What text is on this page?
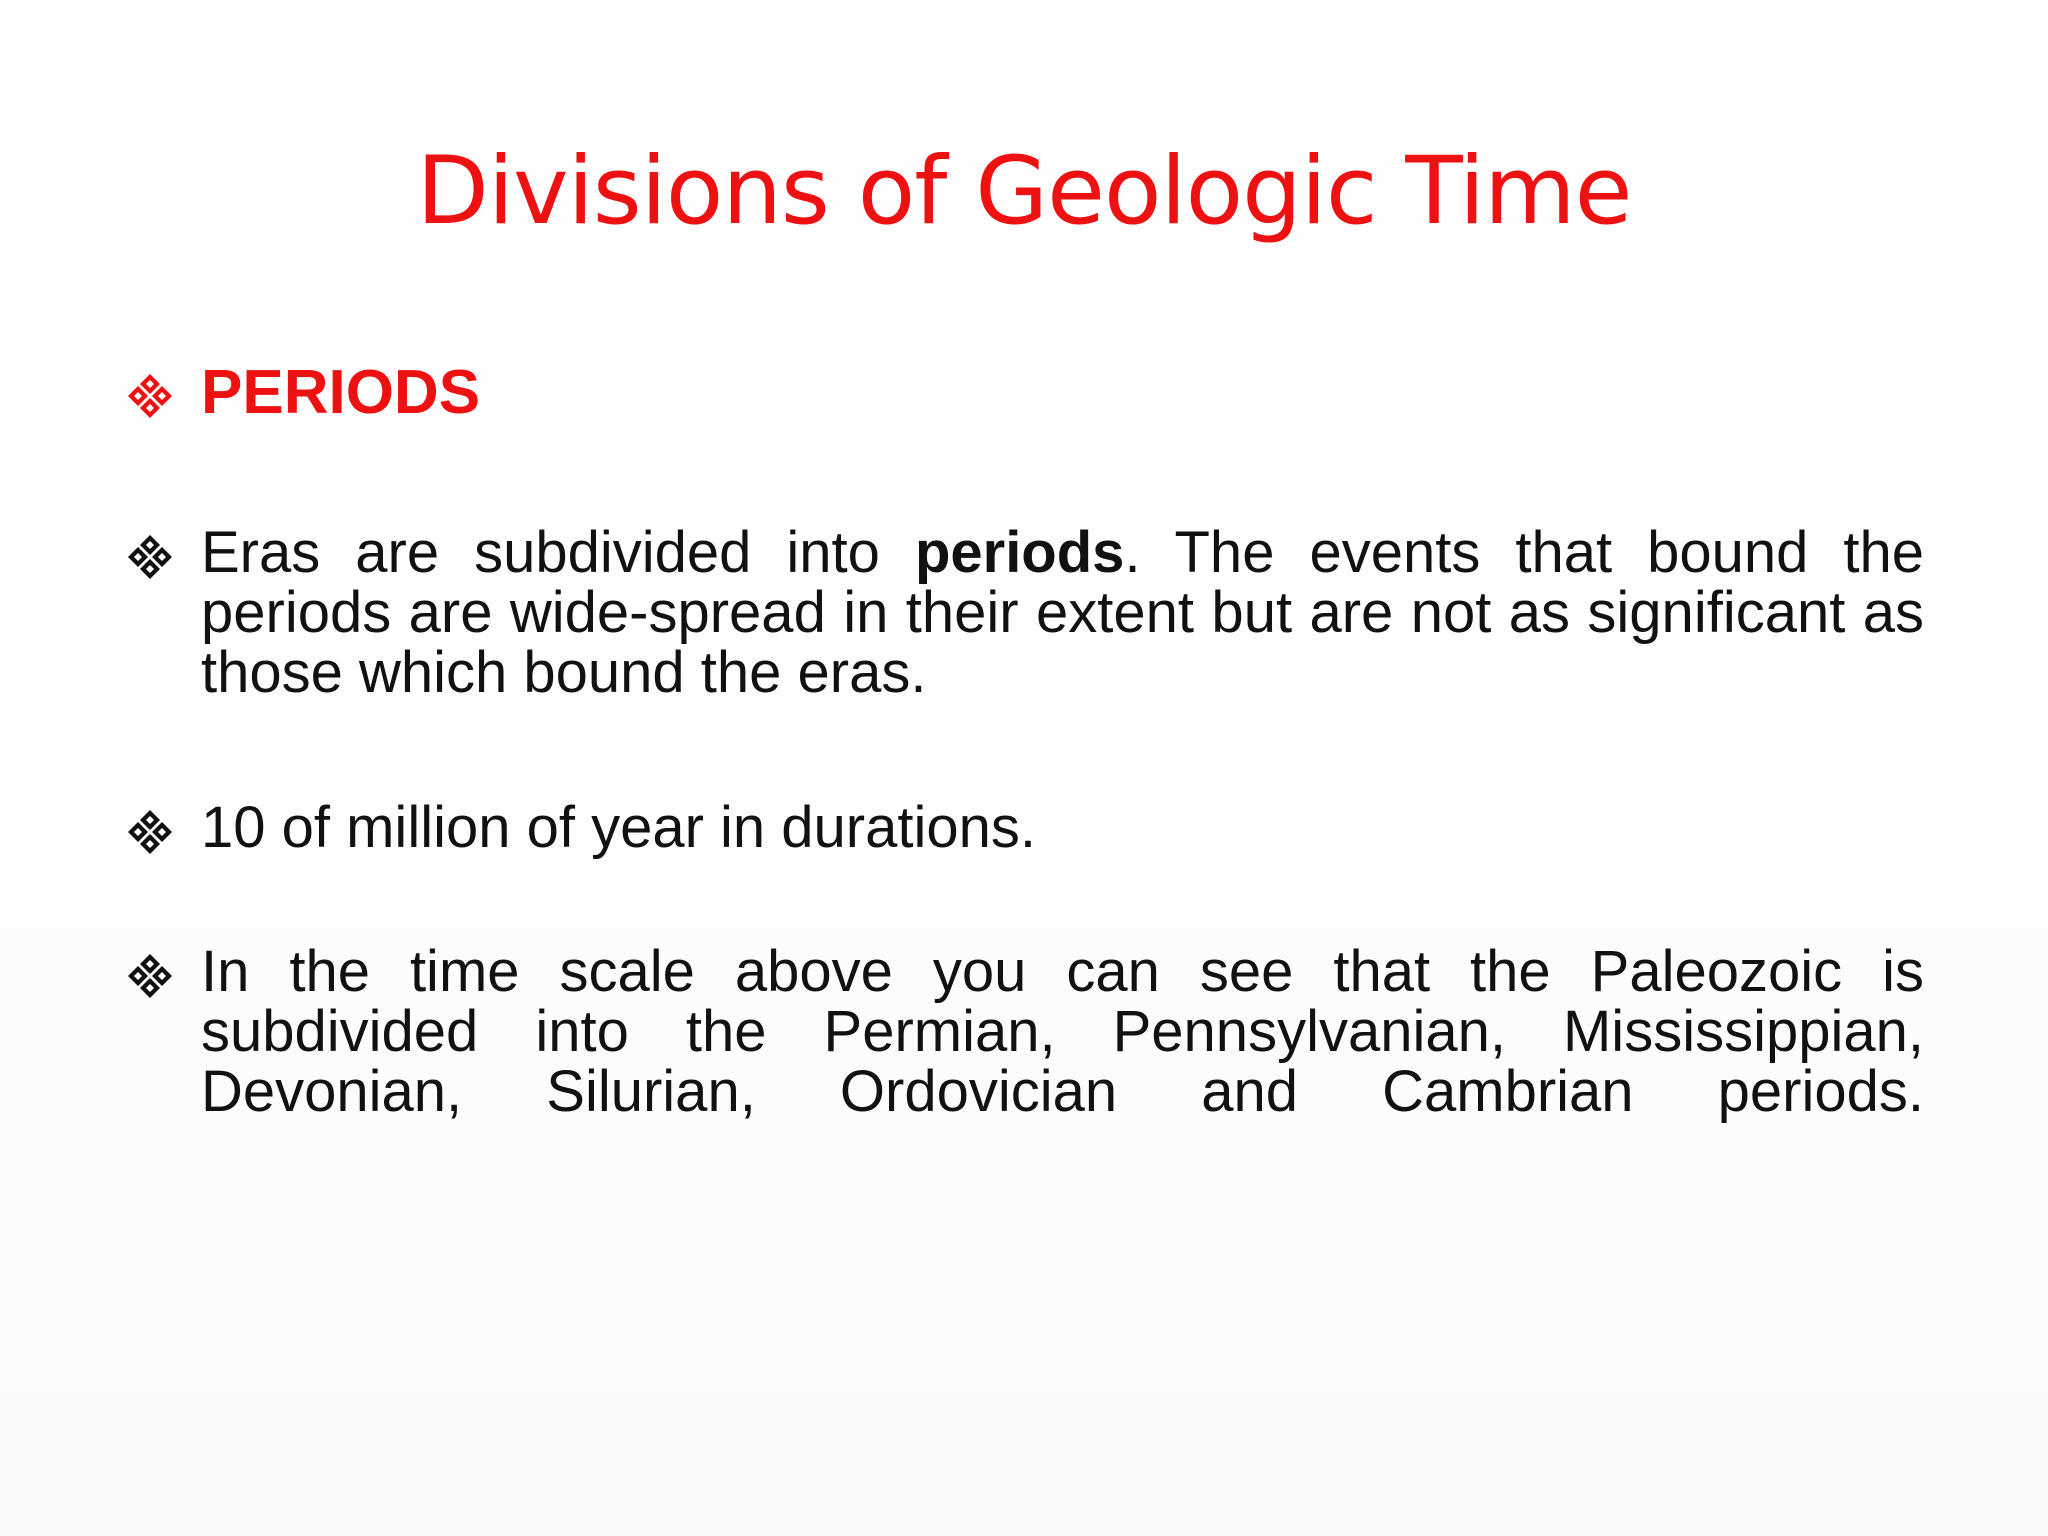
Divisions of Geologic Time
PERIODS
Eras are subdivided into periods. The events that bound the periods are wide-spread in their extent but are not as significant as those which bound the eras.
10 of million of year in durations.
In the time scale above you can see that the Paleozoic is subdivided into the Permian, Pennsylvanian, Mississippian, Devonian, Silurian, Ordovician and Cambrian periods.
